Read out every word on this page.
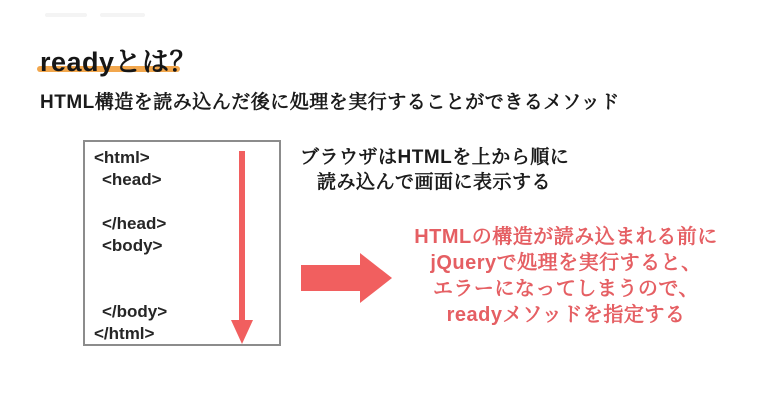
readyとは？
HTML構造を読み込んだ後に処理を実行することができるメソッド
<html>
<head>
</head>
<body>
</body>
</html>
ブラウザはHTMLを上から順に
読み込んで画面に表示する
HTMLの構造が読み込まれる前に
jQueryで処理を実行すると、
エラーになってしまうので、
readyメソッドを指定する
